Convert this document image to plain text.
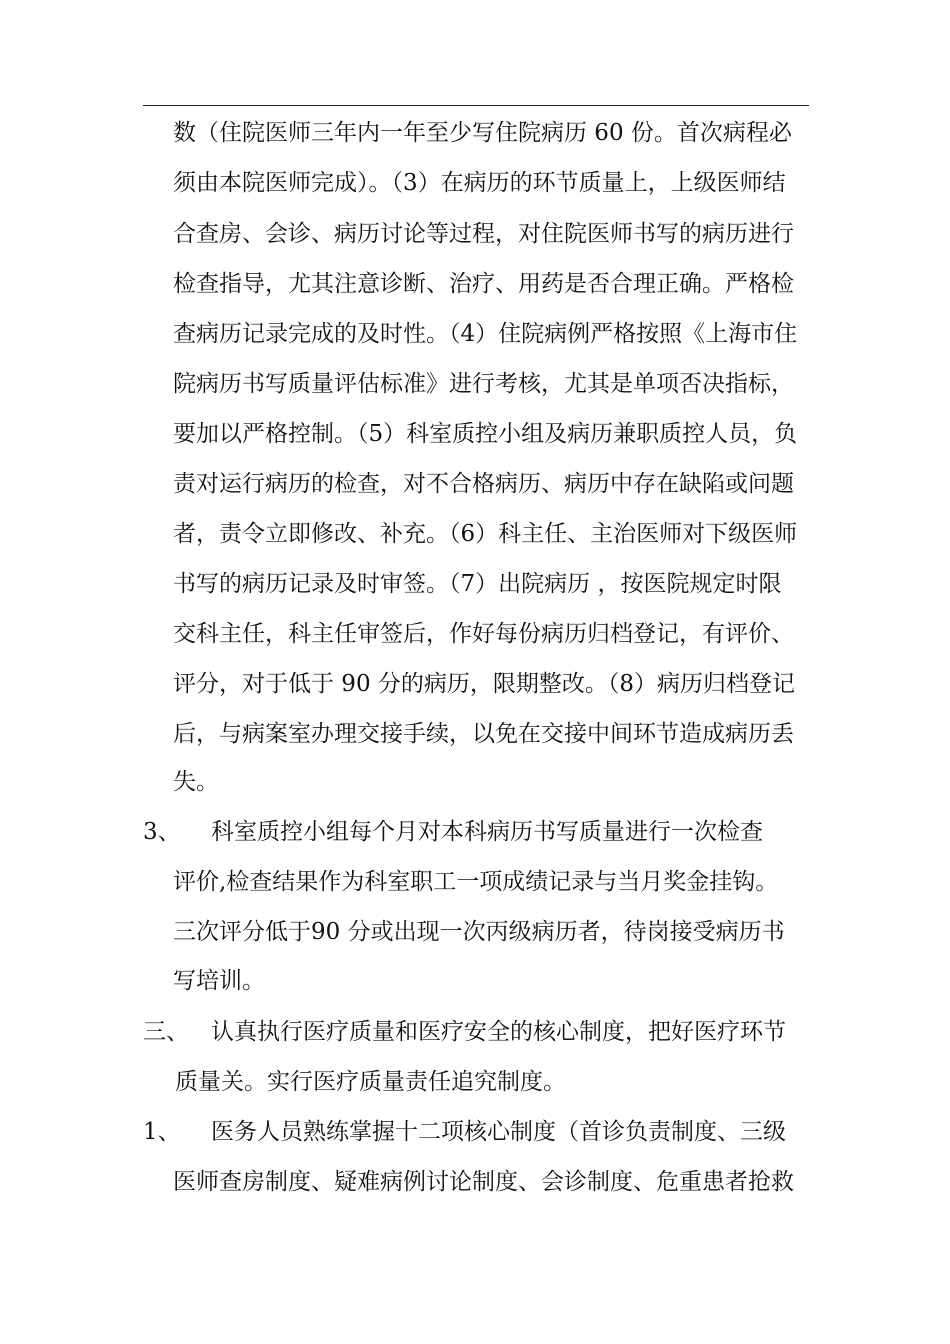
数（住院医师三年内一年至少写住院病历 60 份。首次病程必
须由本院医师完成）。（3）在病历的环节质量上，上级医师结
合查房、会诊、病历讨论等过程，对住院医师书写的病历进行
检查指导，尤其注意诊断、治疗、用药是否合理正确。严格检
查病历记录完成的及时性。（4）住院病例严格按照《上海市住
院病历书写质量评估标准》进行考核，尤其是单项否决指标，
要加以严格控制。（5）科室质控小组及病历兼职质控人员，负
责对运行病历的检查，对不合格病历、病历中存在缺陷或问题
者，责令立即修改、补充。（6）科主任、主治医师对下级医师
书写的病历记录及时审签。（7）出院病历 ，按医院规定时限
交科主任，科主任审签后，作好每份病历归档登记，有评价、
评分，对于低于 90 分的病历，限期整改。（8）病历归档登记
后，与病案室办理交接手续，以免在交接中间环节造成病历丢
失。
3、 科室质控小组每个月对本科病历书写质量进行一次检查
评价,检查结果作为科室职工一项成绩记录与当月奖金挂钩。
三次评分低于90 分或出现一次丙级病历者，待岗接受病历书
写培训。
三、 认真执行医疗质量和医疗安全的核心制度，把好医疗环节
质量关。实行医疗质量责任追究制度。
1、 医务人员熟练掌握十二项核心制度（首诊负责制度、三级
医师查房制度、疑难病例讨论制度、会诊制度、危重患者抢救
